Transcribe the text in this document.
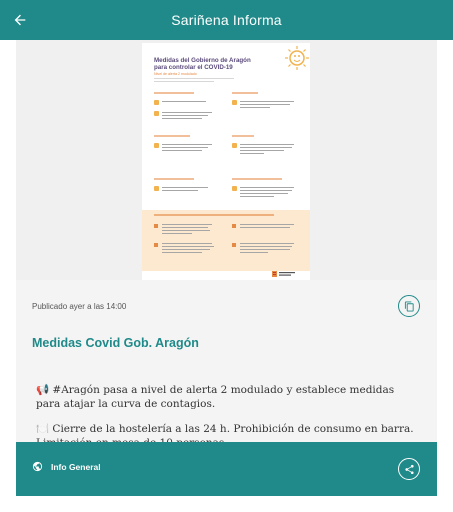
Sariñena Informa
Medidas del Gobierno de Aragón para controlar el COVID-19
Nivel de alerta 2 modulado
Publicado ayer a las 14:00
Medidas Covid Gob. Aragón

📢 #Aragón pasa a nivel de alerta 2 modulado y establece medidas para atajar la curva de contagios.

🍽️ Cierre de la hostelería a las 24 h. Prohibición de consumo en barra.

Info General
